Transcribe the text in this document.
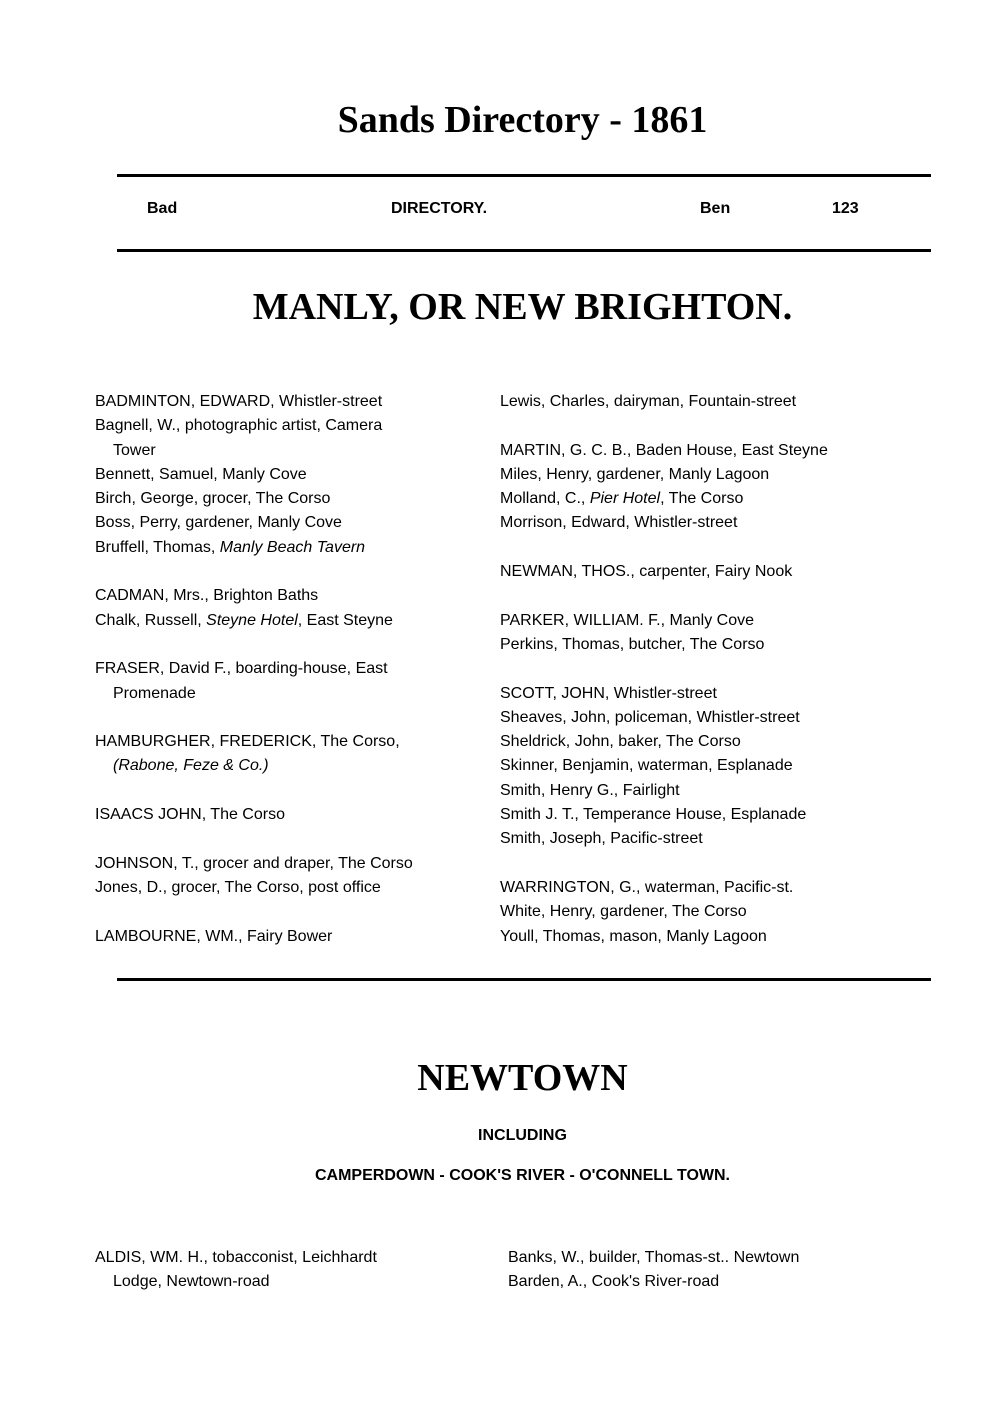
Sands Directory - 1861
Bad	DIRECTORY.	Ben	123
MANLY, OR NEW BRIGHTON.
BADMINTON, EDWARD, Whistler-street
Bagnell, W., photographic artist, Camera Tower
Bennett, Samuel, Manly Cove
Birch, George, grocer, The Corso
Boss, Perry, gardener, Manly Cove
Bruffell, Thomas, Manly Beach Tavern
CADMAN, Mrs., Brighton Baths
Chalk, Russell, Steyne Hotel, East Steyne
FRASER, David F., boarding-house, East Promenade
HAMBURGHER, FREDERICK, The Corso, (Rabone, Feze & Co.)
ISAACS JOHN, The Corso
JOHNSON, T., grocer and draper, The Corso
Jones, D., grocer, The Corso, post office
LAMBOURNE, WM., Fairy Bower
Lewis, Charles, dairyman, Fountain-street
MARTIN, G. C. B., Baden House, East Steyne
Miles, Henry, gardener, Manly Lagoon
Molland, C., Pier Hotel, The Corso
Morrison, Edward, Whistler-street
NEWMAN, THOS., carpenter, Fairy Nook
PARKER, WILLIAM. F., Manly Cove
Perkins, Thomas, butcher, The Corso
SCOTT, JOHN, Whistler-street
Sheaves, John, policeman, Whistler-street
Sheldrick, John, baker, The Corso
Skinner, Benjamin, waterman, Esplanade
Smith, Henry G., Fairlight
Smith J. T., Temperance House, Esplanade
Smith, Joseph, Pacific-street
WARRINGTON, G., waterman, Pacific-st.
White, Henry, gardener, The Corso
Youll, Thomas, mason, Manly Lagoon
NEWTOWN
INCLUDING
CAMPERDOWN - COOK'S RIVER - O'CONNELL TOWN.
ALDIS, WM. H., tobacconist, Leichhardt Lodge, Newtown-road
Banks, W., builder, Thomas-st.. Newtown
Barden, A., Cook's River-road
